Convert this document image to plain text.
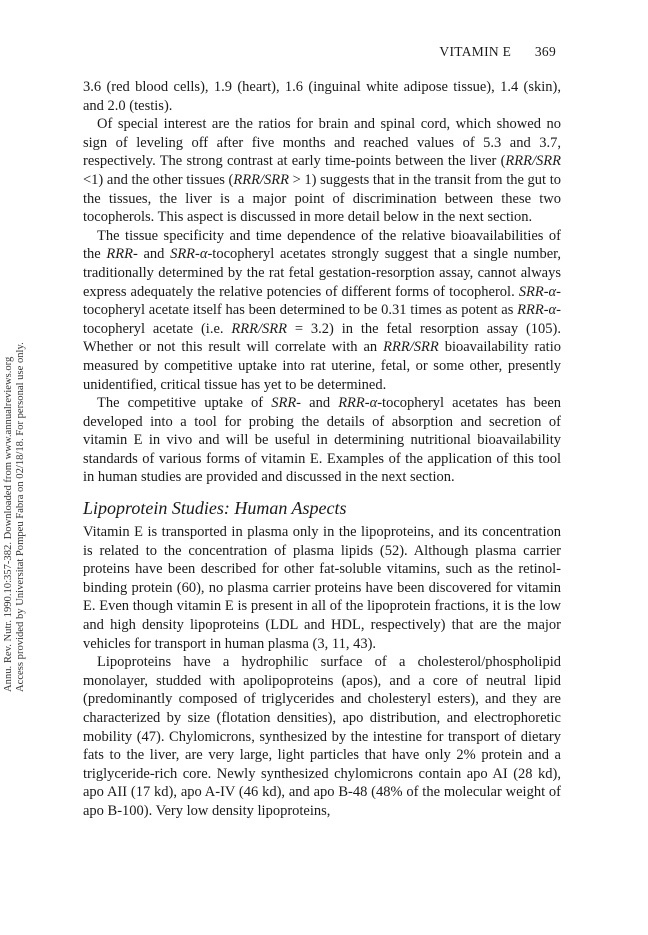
VITAMIN E 369
Annu. Rev. Nutr. 1990.10:357-382. Downloaded from www.annualreviews.org Access provided by Universitat Pompeu Fabra on 02/18/18. For personal use only.

3.6 (red blood cells), 1.9 (heart), 1.6 (inguinal white adipose tissue), 1.4 (skin), and 2.0 (testis).

Of special interest are the ratios for brain and spinal cord, which showed no sign of leveling off after five months and reached values of 5.3 and 3.7, respectively. The strong contrast at early time-points between the liver (RRR/SRR <1) and the other tissues (RRR/SRR > 1) suggests that in the transit from the gut to the tissues, the liver is a major point of discrimination between these two tocopherols. This aspect is discussed in more detail below in the next section.

The tissue specificity and time dependence of the relative bioavailabilities of the RRR- and SRR-α-tocopheryl acetates strongly suggest that a single number, traditionally determined by the rat fetal gestation-resorption assay, cannot always express adequately the relative potencies of different forms of tocopherol. SRR-α-tocopheryl acetate itself has been determined to be 0.31 times as potent as RRR-α-tocopheryl acetate (i.e. RRR/SRR = 3.2) in the fetal resorption assay (105). Whether or not this result will correlate with an RRR/SRR bioavailability ratio measured by competitive uptake into rat uterine, fetal, or some other, presently unidentified, critical tissue has yet to be determined.

The competitive uptake of SRR- and RRR-α-tocopheryl acetates has been developed into a tool for probing the details of absorption and secretion of vitamin E in vivo and will be useful in determining nutritional bioavailability standards of various forms of vitamin E. Examples of the application of this tool in human studies are provided and discussed in the next section.

Lipoprotein Studies: Human Aspects

Vitamin E is transported in plasma only in the lipoproteins, and its concentration is related to the concentration of plasma lipids (52). Although plasma carrier proteins have been described for other fat-soluble vitamins, such as the retinol-binding protein (60), no plasma carrier proteins have been discovered for vitamin E. Even though vitamin E is present in all of the lipoprotein fractions, it is the low and high density lipoproteins (LDL and HDL, respectively) that are the major vehicles for transport in human plasma (3, 11, 43).

Lipoproteins have a hydrophilic surface of a cholesterol/phospholipid monolayer, studded with apolipoproteins (apos), and a core of neutral lipid (predominantly composed of triglycerides and cholesteryl esters), and they are characterized by size (flotation densities), apo distribution, and electrophoretic mobility (47). Chylomicrons, synthesized by the intestine for transport of dietary fats to the liver, are very large, light particles that have only 2% protein and a triglyceride-rich core. Newly synthesized chylomicrons contain apo AI (28 kd), apo AII (17 kd), apo A-IV (46 kd), and apo B-48 (48% of the molecular weight of apo B-100). Very low density lipoproteins,
